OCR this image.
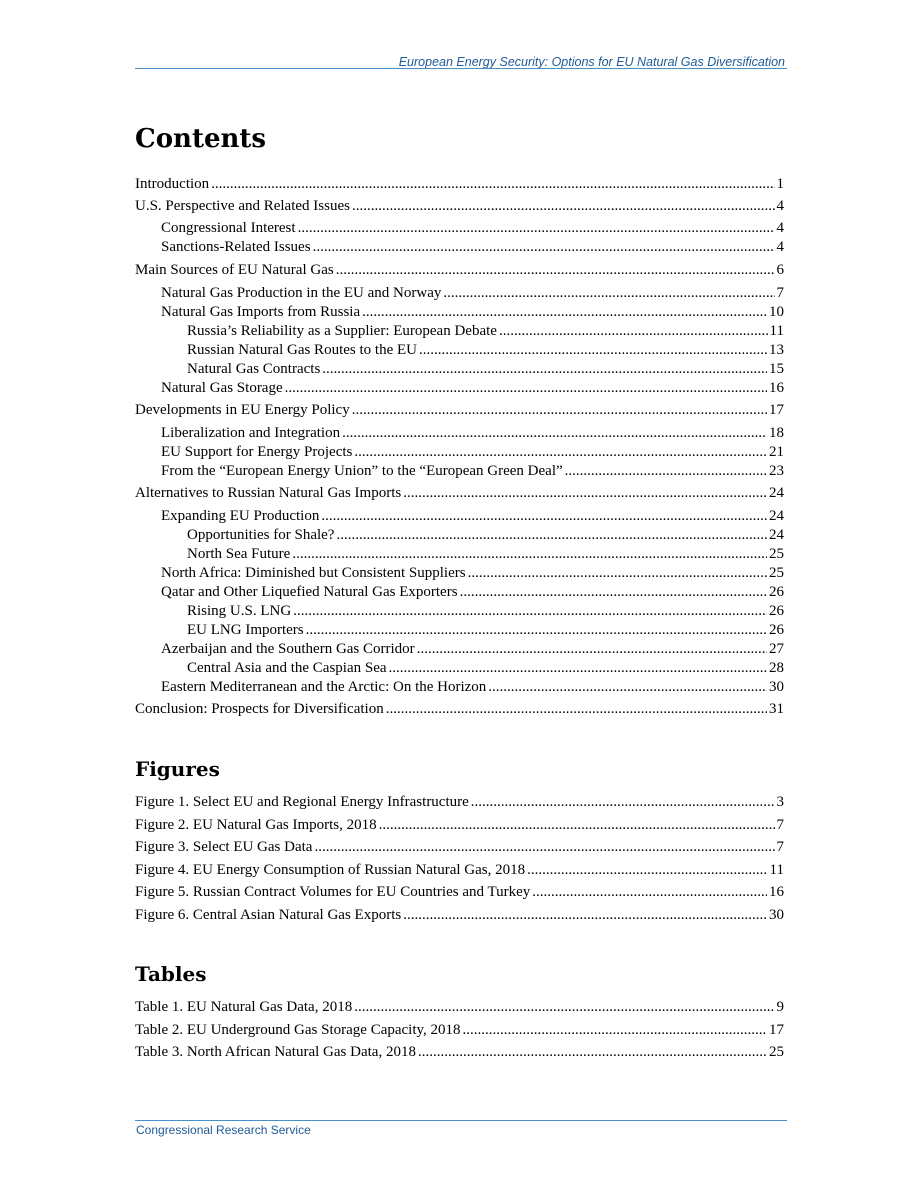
European Energy Security: Options for EU Natural Gas Diversification
Contents
Introduction .....	1
U.S. Perspective and Related Issues .....	4
Congressional Interest .....	4
Sanctions-Related Issues .....	4
Main Sources of EU Natural Gas .....	6
Natural Gas Production in the EU and Norway .....	7
Natural Gas Imports from Russia .....	10
Russia’s Reliability as a Supplier: European Debate .....	11
Russian Natural Gas Routes to the EU .....	13
Natural Gas Contracts .....	15
Natural Gas Storage .....	16
Developments in EU Energy Policy .....	17
Liberalization and Integration .....	18
EU Support for Energy Projects .....	21
From the “European Energy Union” to the “European Green Deal” .....	23
Alternatives to Russian Natural Gas Imports .....	24
Expanding EU Production .....	24
Opportunities for Shale? .....	24
North Sea Future .....	25
North Africa: Diminished but Consistent Suppliers .....	25
Qatar and Other Liquefied Natural Gas Exporters .....	26
Rising U.S. LNG .....	26
EU LNG Importers .....	26
Azerbaijan and the Southern Gas Corridor .....	27
Central Asia and the Caspian Sea .....	28
Eastern Mediterranean and the Arctic: On the Horizon .....	30
Conclusion: Prospects for Diversification .....	31
Figures
Figure 1. Select EU and Regional Energy Infrastructure .....	3
Figure 2. EU Natural Gas Imports, 2018 .....	7
Figure 3. Select EU Gas Data .....	7
Figure 4. EU Energy Consumption of Russian Natural Gas, 2018 .....	11
Figure 5. Russian Contract Volumes for EU Countries and Turkey .....	16
Figure 6. Central Asian Natural Gas Exports .....	30
Tables
Table 1. EU Natural Gas Data, 2018 .....	9
Table 2. EU Underground Gas Storage Capacity, 2018 .....	17
Table 3. North African Natural Gas Data, 2018 .....	25
Congressional Research Service
